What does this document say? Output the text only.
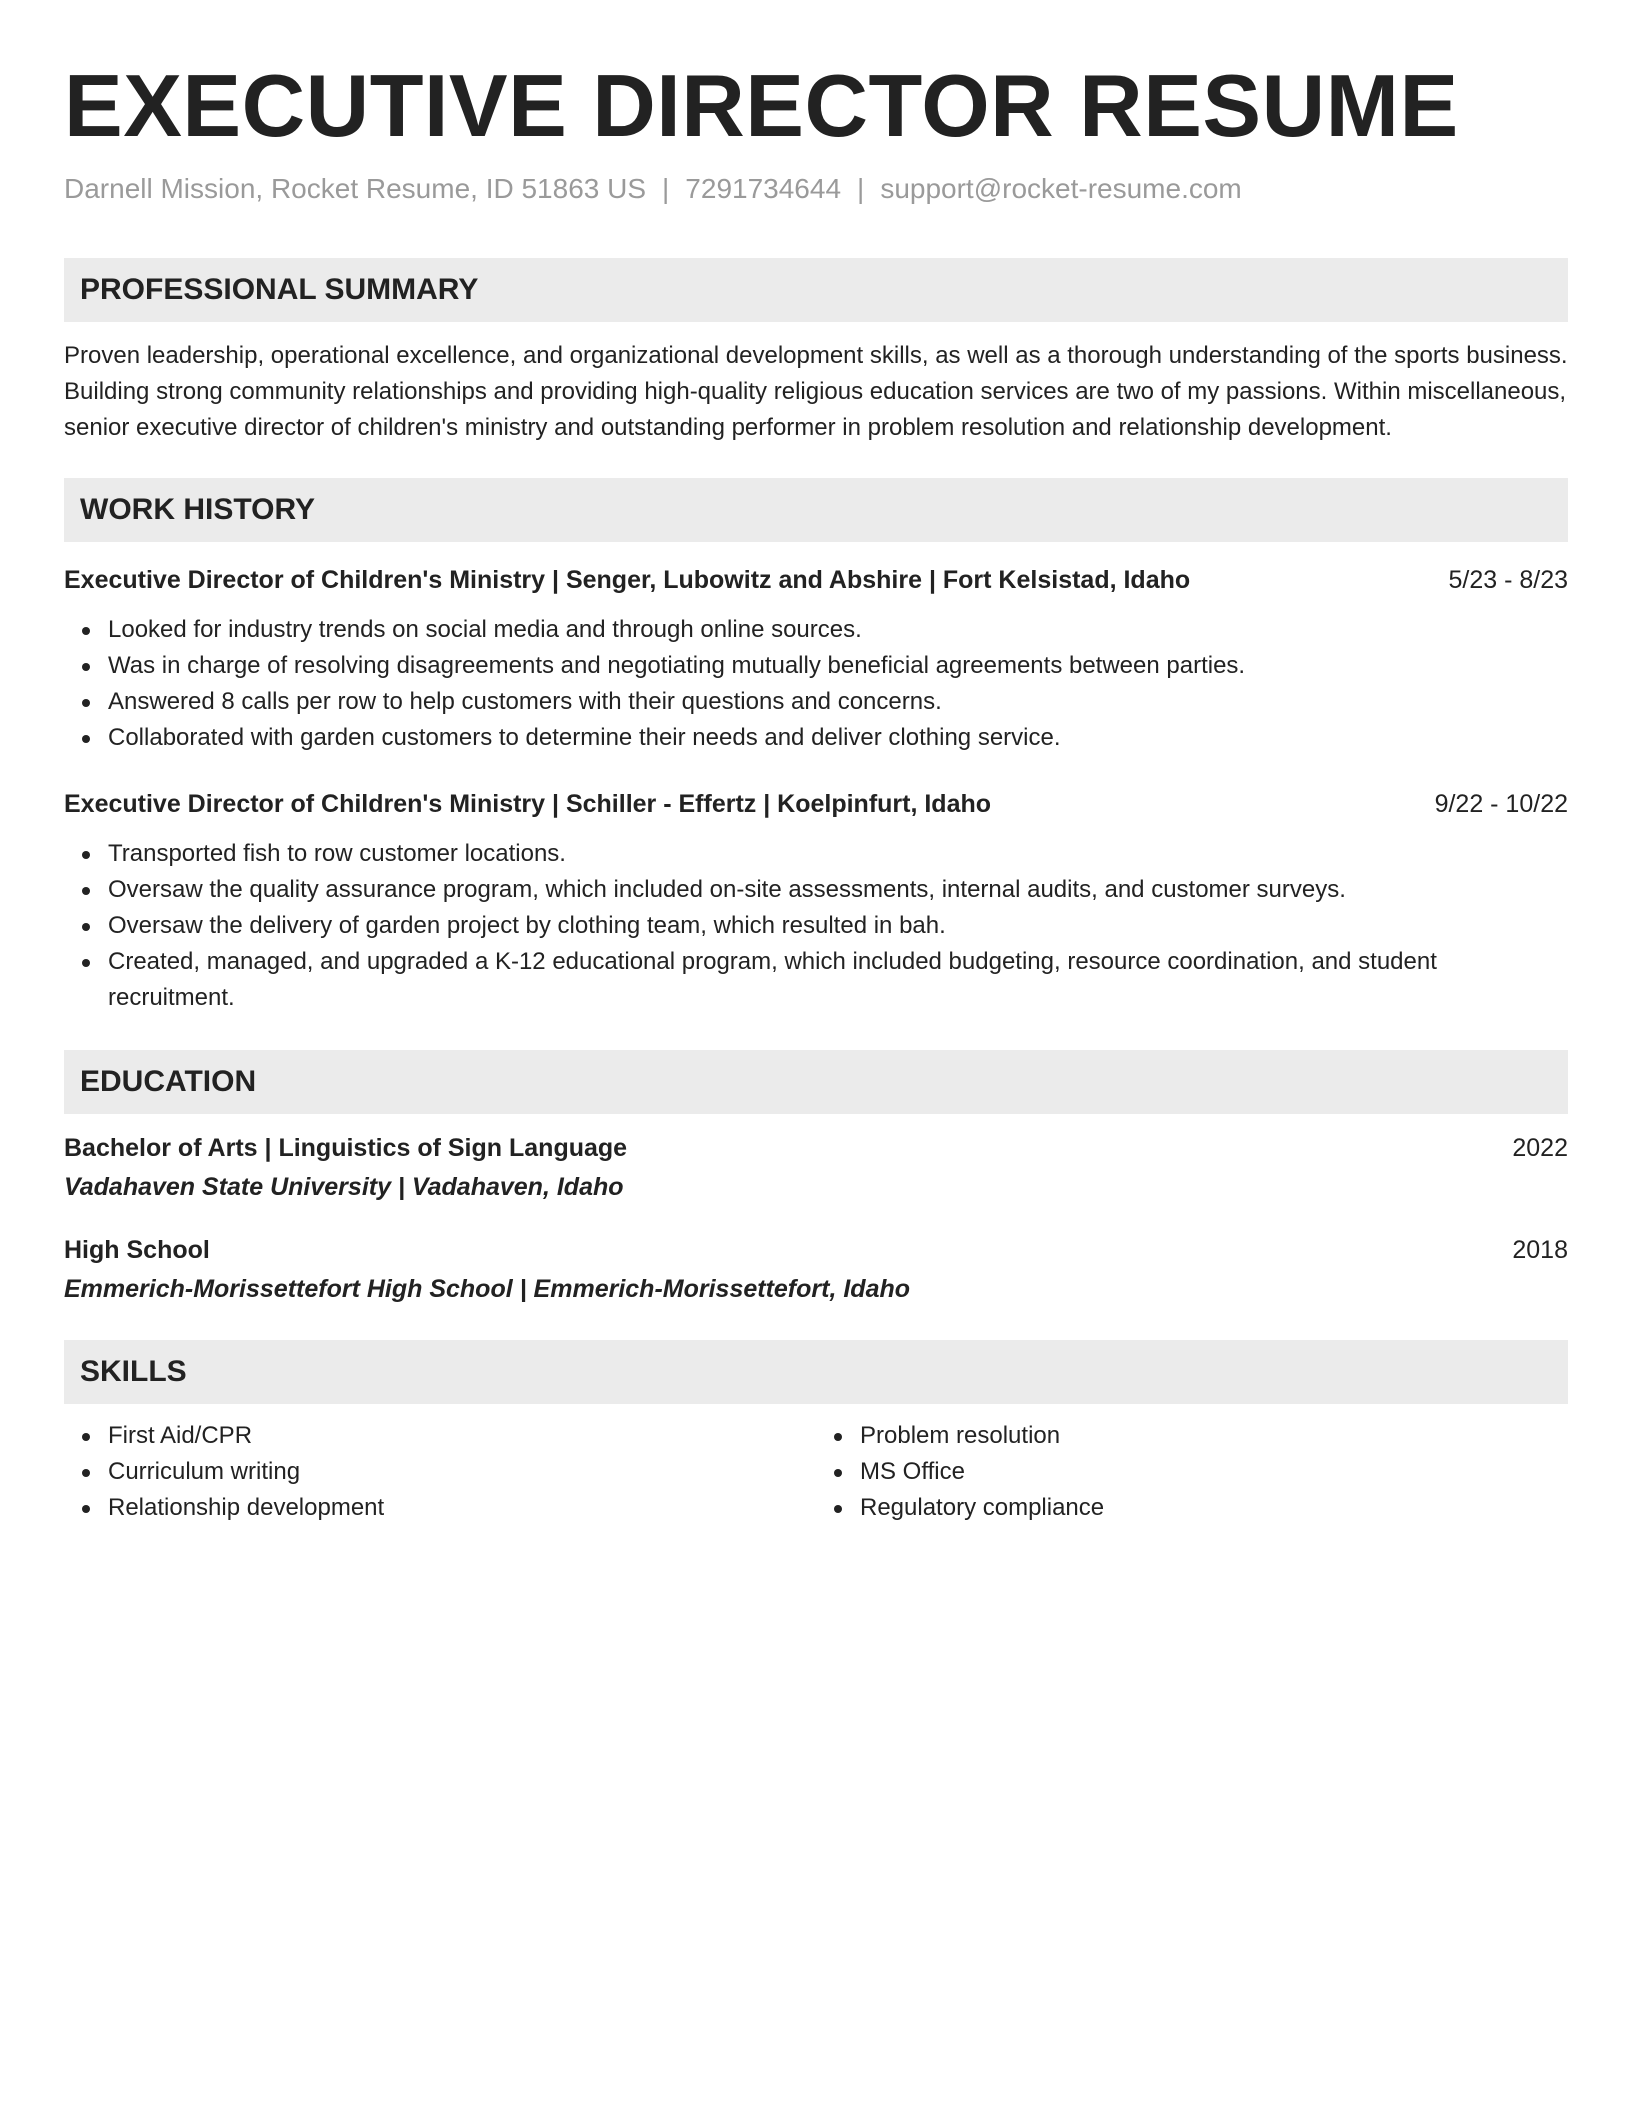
EXECUTIVE DIRECTOR RESUME
Darnell Mission, Rocket Resume, ID 51863 US | 7291734644 | support@rocket-resume.com
PROFESSIONAL SUMMARY

Proven leadership, operational excellence, and organizational development skills, as well as a thorough understanding of the sports business. Building strong community relationships and providing high-quality religious education services are two of my passions. Within miscellaneous, senior executive director of children's ministry and outstanding performer in problem resolution and relationship development.

WORK HISTORY
Executive Director of Children's Ministry | Senger, Lubowitz and Abshire | Fort Kelsistad, Idaho	5/23 - 8/23
Looked for industry trends on social media and through online sources.
Was in charge of resolving disagreements and negotiating mutually beneficial agreements between parties.
Answered 8 calls per row to help customers with their questions and concerns.
Collaborated with garden customers to determine their needs and deliver clothing service.
Executive Director of Children's Ministry | Schiller - Effertz | Koelpinfurt, Idaho	9/22 - 10/22
Transported fish to row customer locations.
Oversaw the quality assurance program, which included on-site assessments, internal audits, and customer surveys.
Oversaw the delivery of garden project by clothing team, which resulted in bah.
Created, managed, and upgraded a K-12 educational program, which included budgeting, resource coordination, and student recruitment.
EDUCATION
Bachelor of Arts | Linguistics of Sign Language	2022
Vadahaven State University | Vadahaven, Idaho
High School	2018
Emmerich-Morissettefort High School | Emmerich-Morissettefort, Idaho
SKILLS
First Aid/CPR
Curriculum writing
Relationship development
Problem resolution
MS Office
Regulatory compliance
